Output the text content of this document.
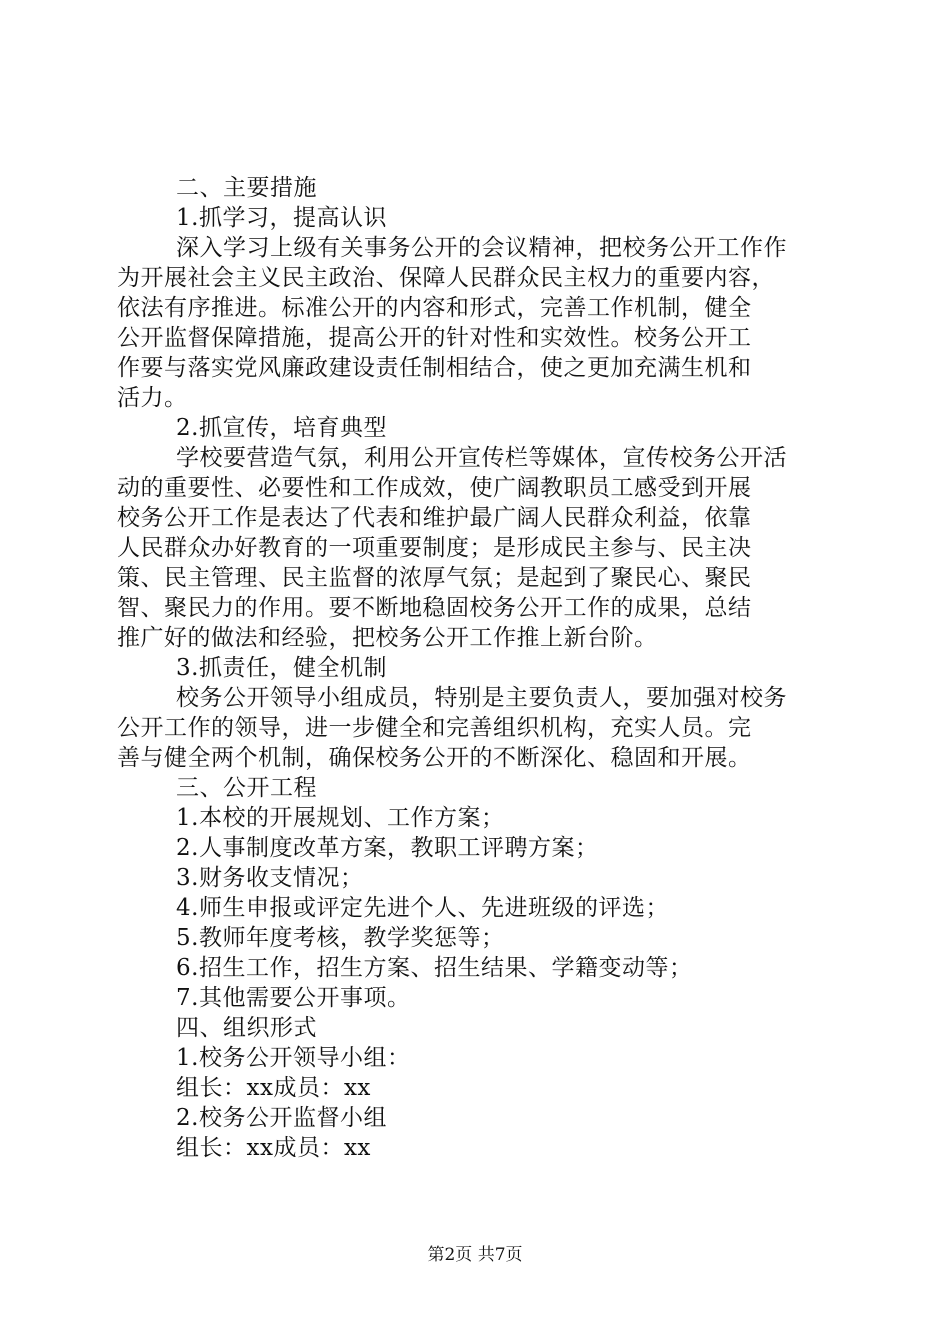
二、主要措施
1.抓学习，提高认识
深入学习上级有关事务公开的会议精神，把校务公开工作作
为开展社会主义民主政治、保障人民群众民主权力的重要内容，
依法有序推进。标准公开的内容和形式，完善工作机制，健全
公开监督保障措施，提高公开的针对性和实效性。校务公开工
作要与落实党风廉政建设责任制相结合，使之更加充满生机和
活力。
2.抓宣传，培育典型
学校要营造气氛，利用公开宣传栏等媒体，宣传校务公开活
动的重要性、必要性和工作成效，使广阔教职员工感受到开展
校务公开工作是表达了代表和维护最广阔人民群众利益，依靠
人民群众办好教育的一项重要制度；是形成民主参与、民主决
策、民主管理、民主监督的浓厚气氛；是起到了聚民心、聚民
智、聚民力的作用。要不断地稳固校务公开工作的成果，总结
推广好的做法和经验，把校务公开工作推上新台阶。
3.抓责任，健全机制
校务公开领导小组成员，特别是主要负责人，要加强对校务
公开工作的领导，进一步健全和完善组织机构，充实人员。完
善与健全两个机制，确保校务公开的不断深化、稳固和开展。
三、公开工程
1.本校的开展规划、工作方案；
2.人事制度改革方案，教职工评聘方案；
3.财务收支情况；
4.师生申报或评定先进个人、先进班级的评选；
5.教师年度考核，教学奖惩等；
6.招生工作，招生方案、招生结果、学籍变动等；
7.其他需要公开事项。
四、组织形式
1.校务公开领导小组：
组长：xx成员：xx
2.校务公开监督小组
组长：xx成员：xx
第2页 共7页
